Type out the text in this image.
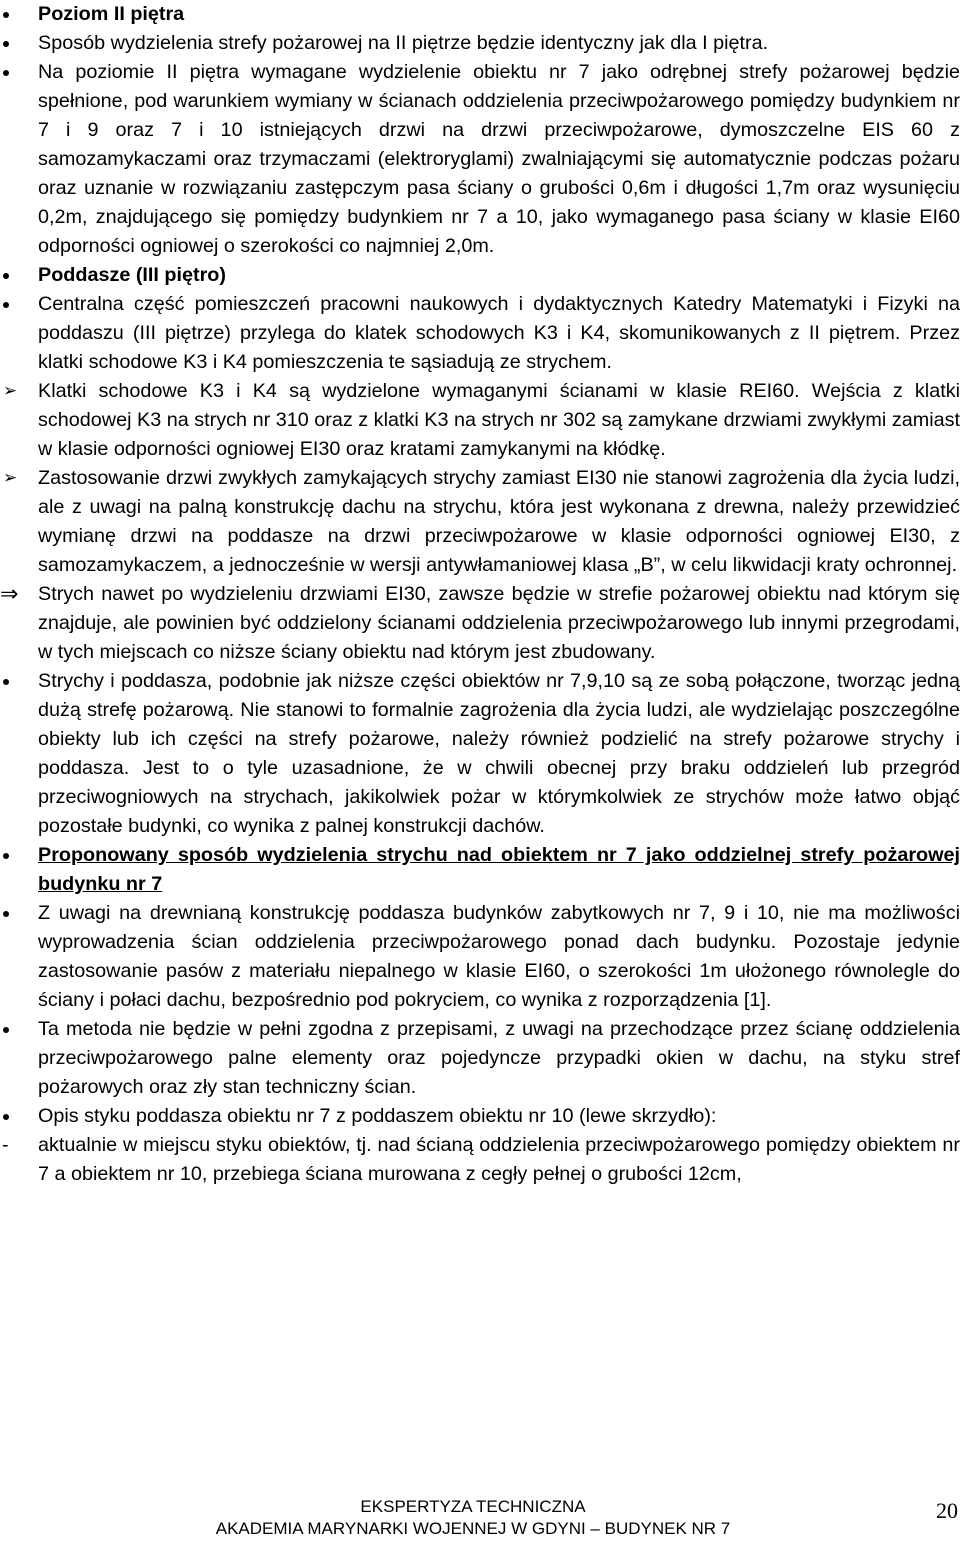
Poziom II piętra
Sposób wydzielenia strefy pożarowej na II piętrze będzie identyczny jak dla I piętra.
Na poziomie II piętra wymagane wydzielenie obiektu nr 7 jako odrębnej strefy pożarowej będzie spełnione, pod warunkiem wymiany w ścianach oddzielenia przeciwpożarowego pomiędzy budynkiem nr 7 i 9 oraz 7 i 10 istniejących drzwi na drzwi przeciwpożarowe, dymoszczelne EIS 60 z samozamykaczami oraz trzymaczami (elektroryglami) zwalniającymi się automatycznie podczas pożaru oraz uznanie w rozwiązaniu zastępczym pasa ściany o grubości 0,6m i długości 1,7m oraz wysunięciu 0,2m, znajdującego się pomiędzy budynkiem nr 7 a 10, jako wymaganego pasa ściany w klasie EI60 odporności ogniowej o szerokości co najmniej 2,0m.
Poddasze (III piętro)
Centralna część pomieszczeń pracowni naukowych i dydaktycznych Katedry Matematyki i Fizyki na poddaszu (III piętrze) przylega do klatek schodowych K3 i K4, skomunikowanych z II piętrem. Przez klatki schodowe K3 i K4 pomieszczenia te sąsiadują ze strychem.
➢	Klatki schodowe K3 i K4 są wydzielone wymaganymi ścianami w klasie REI60. Wejścia z klatki schodowej K3 na strych nr 310 oraz z klatki K3 na strych nr 302 są zamykane drzwiami zwykłymi zamiast w klasie odporności ogniowej EI30 oraz kratami zamykanymi na kłódkę.
➢	Zastosowanie drzwi zwykłych zamykających strychy zamiast EI30 nie stanowi zagrożenia dla życia ludzi, ale z uwagi na palną konstrukcję dachu na strychu, która jest wykonana z drewna, należy przewidzieć wymianę drzwi na poddasze na drzwi przeciwpożarowe w klasie odporności ogniowej EI30, z samozamykaczem, a jednocześnie w wersji antywłamaniowej klasa „B”, w celu likwidacji kraty ochronnej.
⇒ Strych nawet po wydzieleniu drzwiami EI30, zawsze będzie w strefie pożarowej obiektu nad którym się znajduje, ale powinien być oddzielony ścianami oddzielenia przeciwpożarowego lub innymi przegrodami, w tych miejscach co niższe ściany obiektu nad którym jest zbudowany.
Strychy i poddasza, podobnie jak niższe części obiektów nr 7,9,10 są ze sobą połączone, tworząc jedną dużą strefę pożarową. Nie stanowi to formalnie zagrożenia dla życia ludzi, ale wydzielając poszczególne obiekty lub ich części na strefy pożarowe, należy również podzielić na strefy pożarowe strychy i poddasza. Jest to o tyle uzasadnione, że w chwili obecnej przy braku oddzieleń lub przegród przeciwogniowych na strychach, jakikolwiek pożar w którymkolwiek ze strychów może łatwo objąć pozostałe budynki, co wynika z palnej konstrukcji dachów.
Proponowany sposób wydzielenia strychu nad obiektem nr 7 jako oddzielnej strefy pożarowej budynku nr 7
Z uwagi na drewnianą konstrukcję poddasza budynków zabytkowych nr 7, 9 i 10, nie ma możliwości wyprowadzenia ścian oddzielenia przeciwpożarowego ponad dach budynku. Pozostaje jedynie zastosowanie pasów z materiału niepalnego w klasie EI60, o szerokości 1m ułożonego równolegle do ściany i połaci dachu, bezpośrednio pod pokryciem, co wynika z rozporządzenia [1].
Ta metoda nie będzie w pełni zgodna z przepisami, z uwagi na przechodzące przez ścianę oddzielenia przeciwpożarowego palne elementy oraz pojedyncze przypadki okien w dachu, na styku stref pożarowych oraz zły stan techniczny ścian.
Opis styku poddasza obiektu nr 7 z poddaszem obiektu nr 10 (lewe skrzydło):
-	aktualnie w miejscu styku obiektów, tj. nad ścianą oddzielenia przeciwpożarowego pomiędzy obiektem nr 7 a obiektem nr 10, przebiega ściana murowana z cegły pełnej o grubości 12cm,
EKSPERTYZA TECHNICZNA
AKADEMIA MARYNARKI WOJENNEJ W GDYNI – BUDYNEK NR 7
20
